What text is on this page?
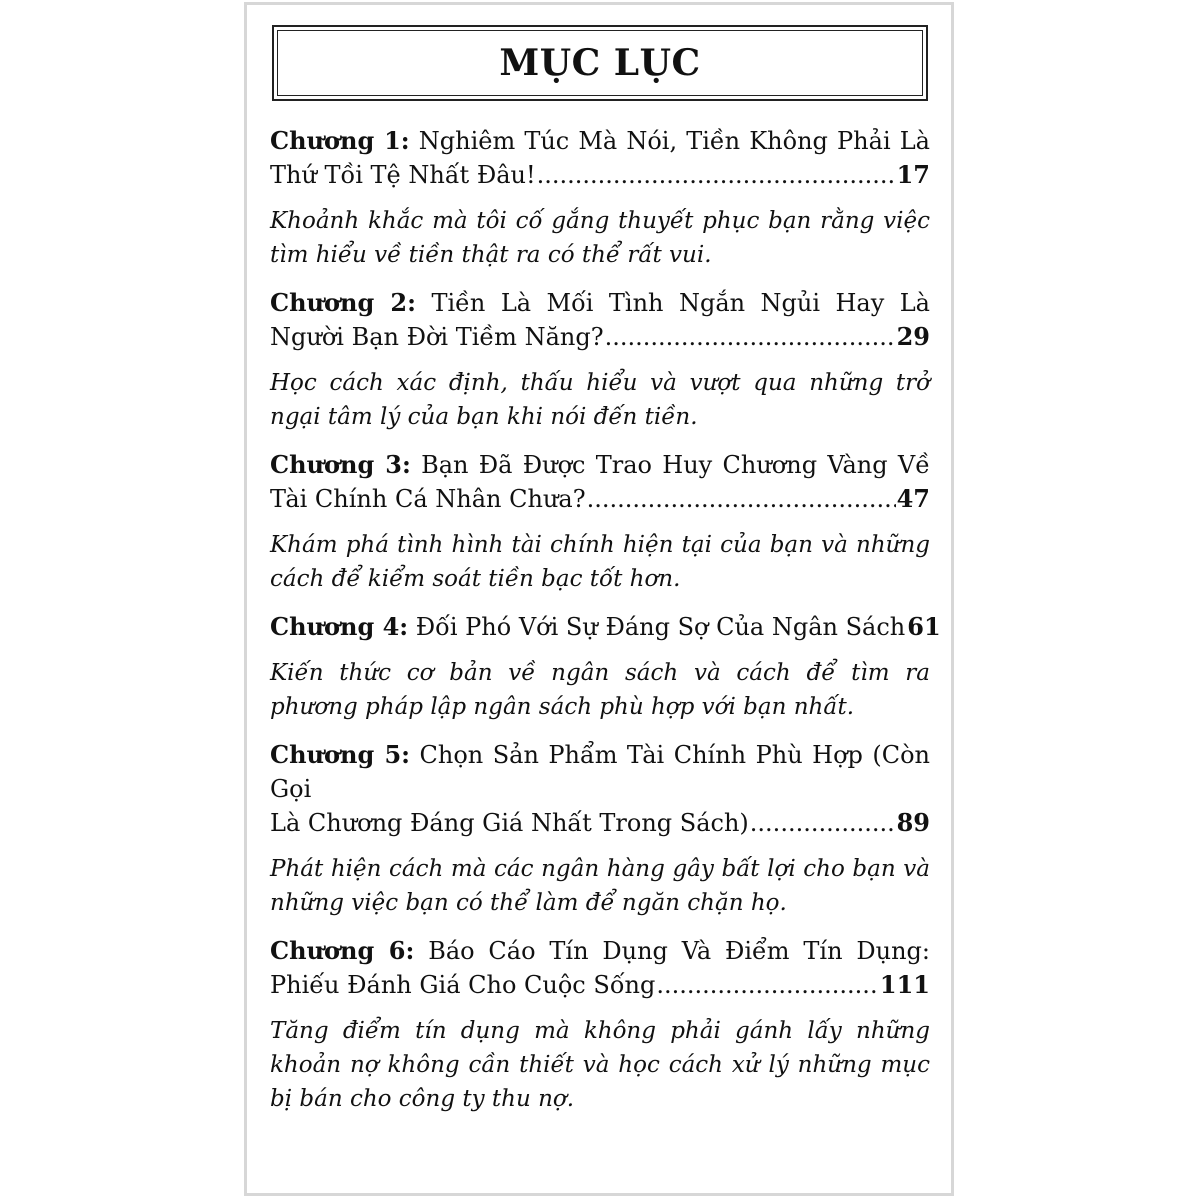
MỤC LỤC

Chương 1: Nghiêm Túc Mà Nói, Tiền Không Phải Là
Thứ Tồi Tệ Nhất Đâu! .....	17

Khoảnh khắc mà tôi cố gắng thuyết phục bạn rằng việc tìm hiểu về tiền thật ra có thể rất vui.

Chương 2: Tiền Là Mối Tình Ngắn Ngủi Hay Là
Người Bạn Đời Tiềm Năng? .....	29

Học cách xác định, thấu hiểu và vượt qua những trở ngại tâm lý của bạn khi nói đến tiền.

Chương 3: Bạn Đã Được Trao Huy Chương Vàng Về
Tài Chính Cá Nhân Chưa? .....	47

Khám phá tình hình tài chính hiện tại của bạn và những cách để kiểm soát tiền bạc tốt hơn.

Chương 4:
Đối Phó Với Sự Đáng Sợ Của Ngân Sách 61

Kiến thức cơ bản về ngân sách và cách để tìm ra phương pháp lập ngân sách phù hợp với bạn nhất.

Chương 5: Chọn Sản Phẩm Tài Chính Phù Hợp (Còn Gọi
Là Chương Đáng Giá Nhất Trong Sách) .....	89

Phát hiện cách mà các ngân hàng gây bất lợi cho bạn và những việc bạn có thể làm để ngăn chặn họ.

Chương 6: Báo Cáo Tín Dụng Và Điểm Tín Dụng:
Phiếu Đánh Giá Cho Cuộc Sống .....	111

Tăng điểm tín dụng mà không phải gánh lấy những khoản nợ không cần thiết và học cách xử lý những mục bị bán cho công ty thu nợ.
